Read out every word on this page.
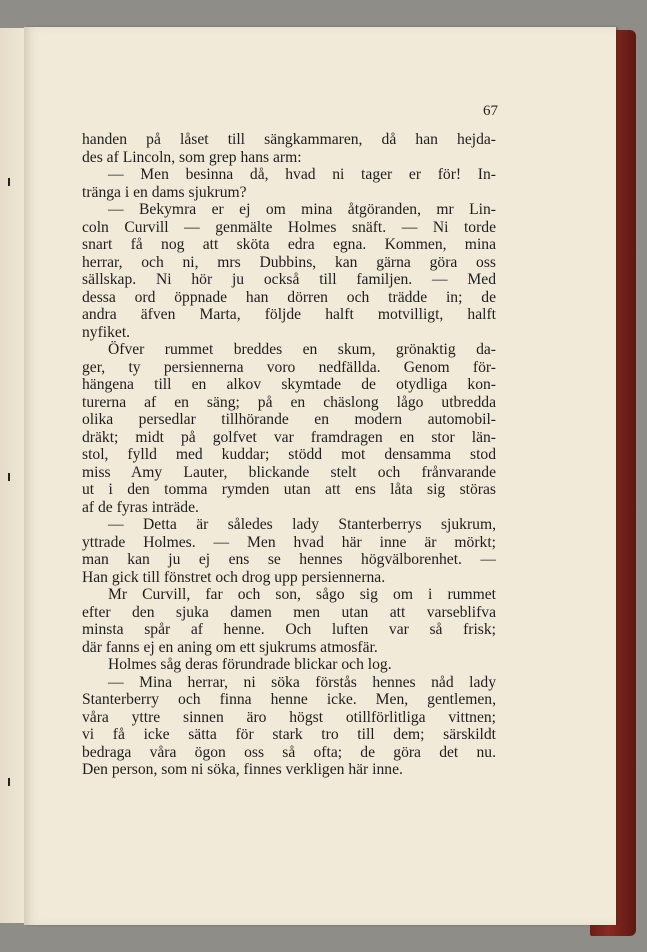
67
handen på låset till sängkammaren, då han hejda-
des af Lincoln, som grep hans arm:
— Men besinna då, hvad ni tager er för! In-
tränga i en dams sjukrum?
— Bekymra er ej om mina åtgöranden, mr Lin-
coln Curvill — genmälte Holmes snäft. — Ni torde
snart få nog att sköta edra egna. Kommen, mina
herrar, och ni, mrs Dubbins, kan gärna göra oss
sällskap. Ni hör ju också till familjen. — Med
dessa ord öppnade han dörren och trädde in; de
andra äfven Marta, följde halft motvilligt, halft
nyfiket.
Öfver rummet breddes en skum, grönaktig da-
ger, ty persiennerna voro nedfällda. Genom för-
hängena till en alkov skymtade de otydliga kon-
turerna af en säng; på en chäslong lågo utbredda
olika persedlar tillhörande en modern automobil-
dräkt; midt på golfvet var framdragen en stor län-
stol, fylld med kuddar; stödd mot densamma stod
miss Amy Lauter, blickande stelt och frånvarande
ut i den tomma rymden utan att ens låta sig störas
af de fyras inträde.
— Detta är således lady Stanterberrys sjukrum,
yttrade Holmes. — Men hvad här inne är mörkt;
man kan ju ej ens se hennes högvälborenhet. —
Han gick till fönstret och drog upp persiennerna.
Mr Curvill, far och son, sågo sig om i rummet
efter den sjuka damen men utan att varseblifva
minsta spår af henne. Och luften var så frisk;
där fanns ej en aning om ett sjukrums atmosfär.
Holmes såg deras förundrade blickar och log.
— Mina herrar, ni söka förstås hennes nåd lady
Stanterberry och finna henne icke. Men, gentlemen,
våra yttre sinnen äro högst otillförlitliga vittnen;
vi få icke sätta för stark tro till dem; särskildt
bedraga våra ögon oss så ofta; de göra det nu.
Den person, som ni söka, finnes verkligen här inne.
